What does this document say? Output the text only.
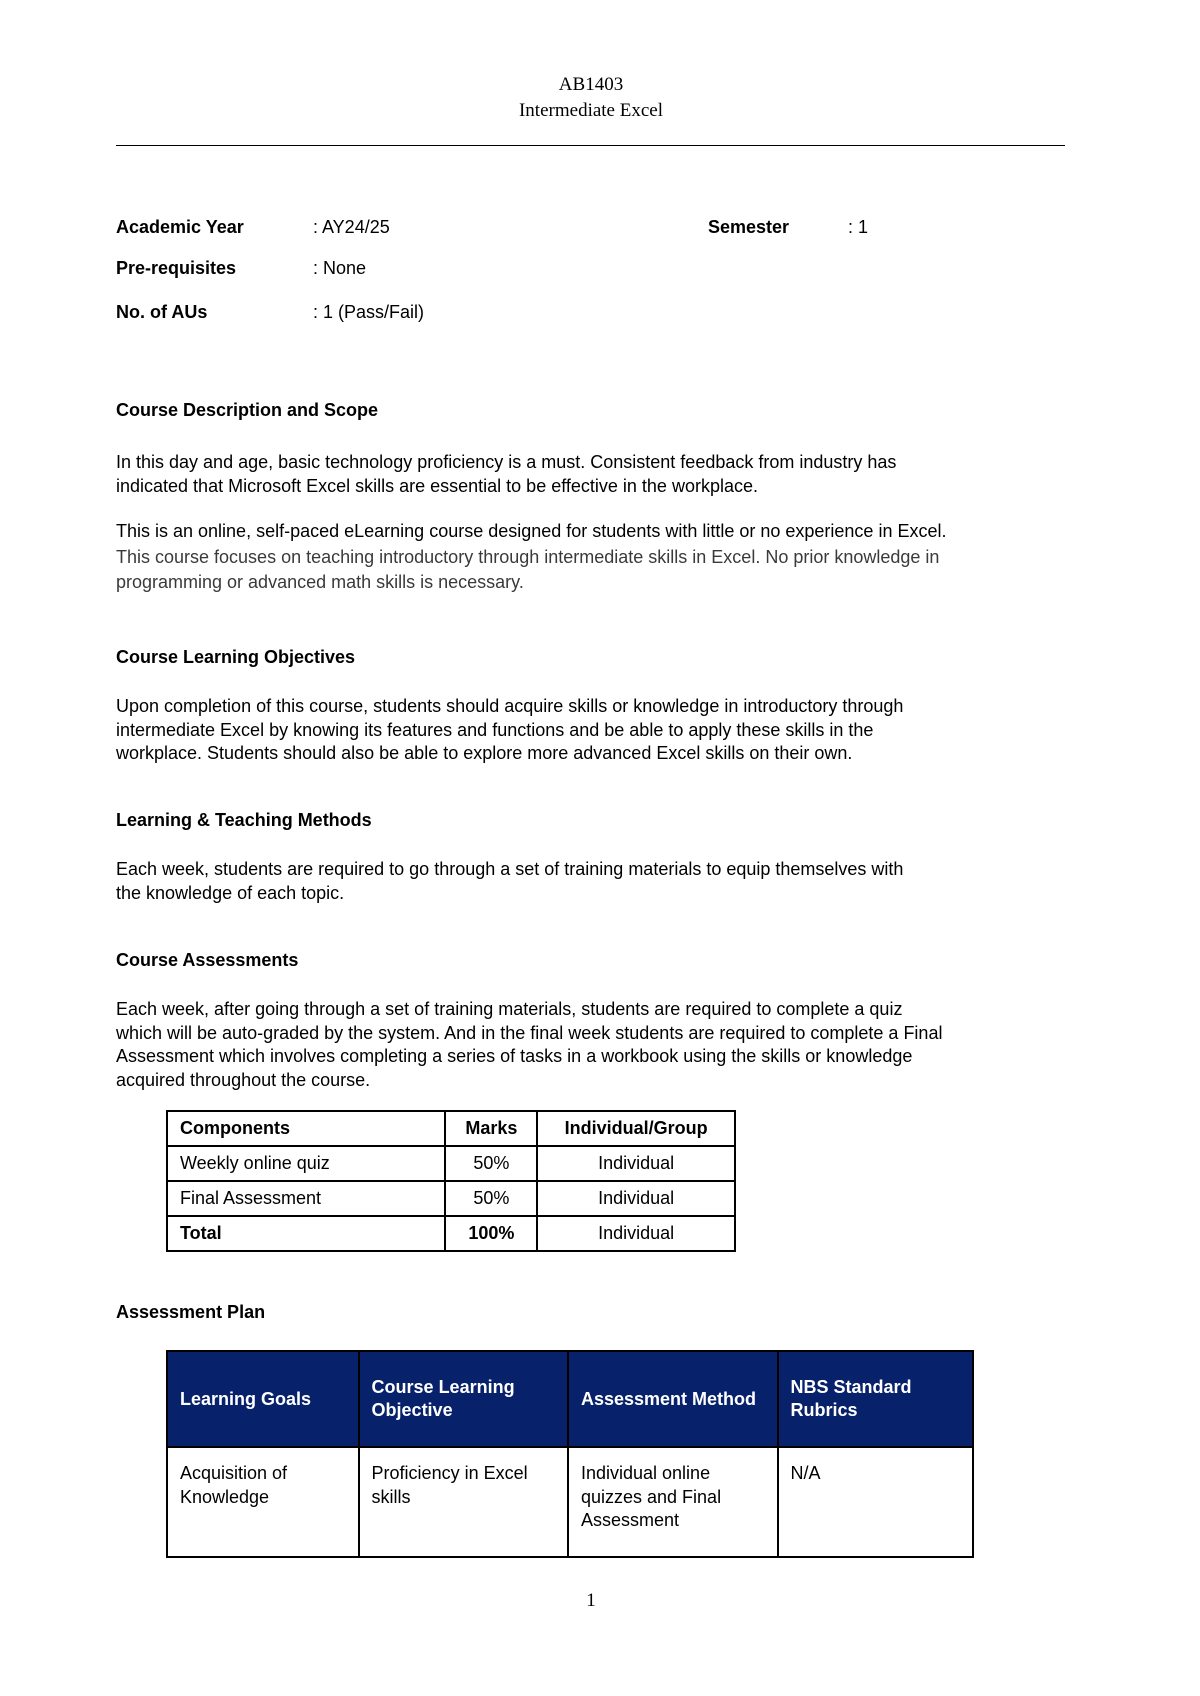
AB1403
Intermediate Excel
Academic Year	: AY24/25	Semester	: 1
Pre-requisites	: None
No. of AUs	: 1 (Pass/Fail)
Course Description and Scope

In this day and age, basic technology proficiency is a must. Consistent feedback from industry has
indicated that Microsoft Excel skills are essential to be effective in the workplace.

This is an online, self-paced eLearning course designed for students with little or no experience in Excel.
This course focuses on teaching introductory through intermediate skills in Excel. No prior knowledge in
programming or advanced math skills is necessary.

Course Learning Objectives

Upon completion of this course, students should acquire skills or knowledge in introductory through
intermediate Excel by knowing its features and functions and be able to apply these skills in the
workplace. Students should also be able to explore more advanced Excel skills on their own.

Learning & Teaching Methods

Each week, students are required to go through a set of training materials to equip themselves with
the knowledge of each topic.

Course Assessments

Each week, after going through a set of training materials, students are required to complete a quiz
which will be auto-graded by the system. And in the final week students are required to complete a Final
Assessment which involves completing a series of tasks in a workbook using the skills or knowledge
acquired throughout the course.

Components	Marks	Individual/Group
Weekly online quiz	50%	Individual
Final Assessment	50%	Individual
Total	100%	Individual
Assessment Plan
Learning Goals	Course Learning Objective	Assessment Method	NBS Standard Rubrics
Acquisition of Knowledge	Proficiency in Excel skills	Individual online quizzes and Final Assessment	N/A
1
